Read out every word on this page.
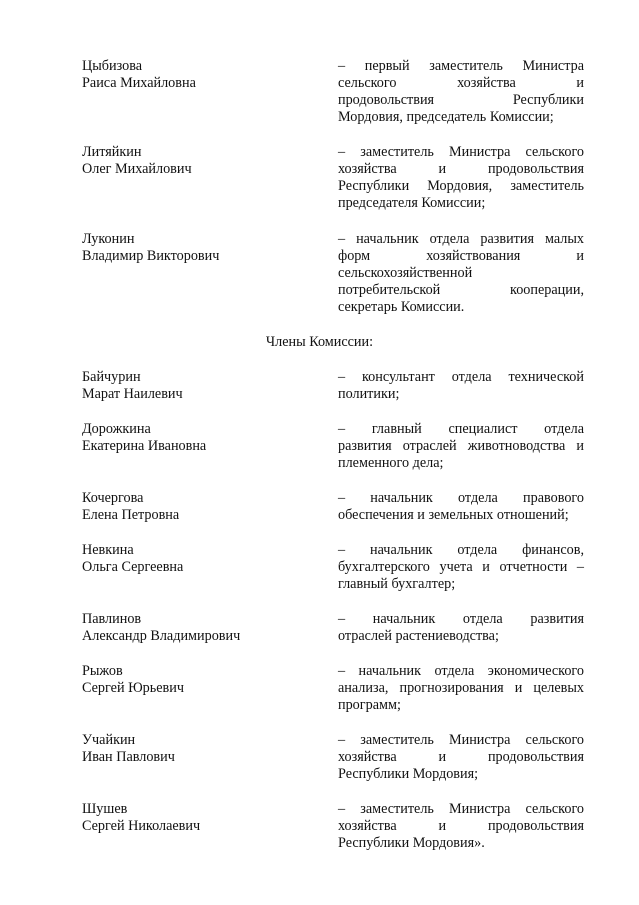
Цыбизова
Раиса Михайловна
– первый заместитель Министра
сельского хозяйства и
продовольствия Республики
Мордовия, председатель Комиссии;
Литяйкин
Олег Михайлович
– заместитель Министра сельского
хозяйства и продовольствия
Республики Мордовия, заместитель
председателя Комиссии;
Луконин
Владимир Викторович
– начальник отдела развития малых
форм хозяйствования и
сельскохозяйственной
потребительской кооперации,
секретарь Комиссии.
Члены Комиссии:
Байчурин
Марат Наилевич
– консультант отдела технической
политики;
Дорожкина
Екатерина Ивановна
– главный специалист отдела
развития отраслей животноводства и
племенного дела;
Кочергова
Елена Петровна
– начальник отдела правового
обеспечения и земельных отношений;
Невкина
Ольга Сергеевна
– начальник отдела финансов,
бухгалтерского учета и отчетности –
главный бухгалтер;
Павлинов
Александр Владимирович
– начальник отдела развития
отраслей растениеводства;
Рыжов
Сергей Юрьевич
– начальник отдела экономического
анализа, прогнозирования и целевых
программ;
Учайкин
Иван Павлович
– заместитель Министра сельского
хозяйства и продовольствия
Республики Мордовия;
Шушев
Сергей Николаевич
– заместитель Министра сельского
хозяйства и продовольствия
Республики Мордовия».
